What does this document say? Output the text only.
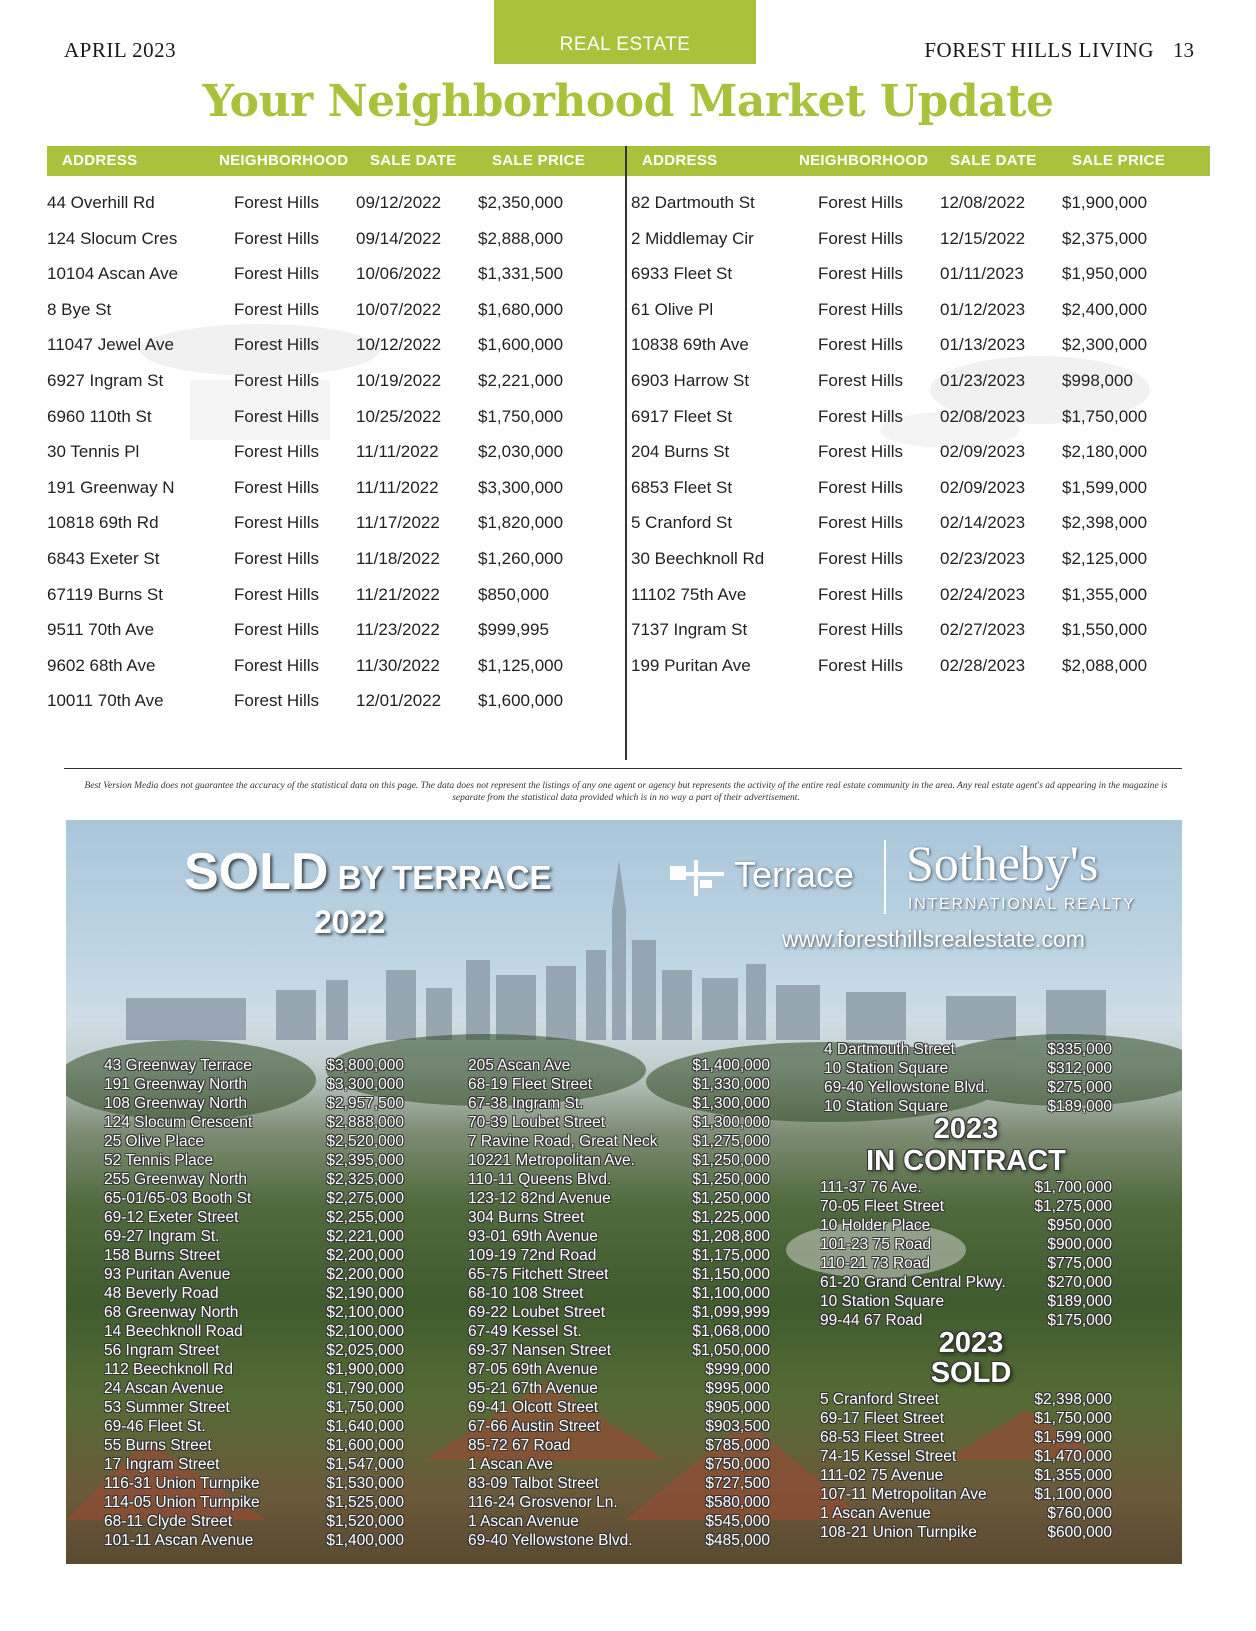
APRIL 2023	REAL ESTATE	FOREST HILLS LIVING 13
Your Neighborhood Market Update
ADDRESS	NEIGHBORHOOD SALE DATE SALE PRICE	ADDRESS	NEIGHBORHOOD SALE DATE SALE PRICE
44 Overhill Rd	Forest Hills 09/12/2022 $2,350,000
124 Slocum Cres	Forest Hills 09/14/2022 $2,888,000
10104 Ascan Ave	Forest Hills 10/06/2022 $1,331,500
8 Bye St	Forest Hills 10/07/2022 $1,680,000
11047 Jewel Ave	Forest Hills 10/12/2022 $1,600,000
6927 Ingram St	Forest Hills 10/19/2022 $2,221,000
6960 110th St	Forest Hills 10/25/2022 $1,750,000
30 Tennis Pl	Forest Hills 11/11/2022 $2,030,000
191 Greenway N	Forest Hills 11/11/2022 $3,300,000
10818 69th Rd	Forest Hills 11/17/2022 $1,820,000
6843 Exeter St	Forest Hills 11/18/2022 $1,260,000
67119 Burns St	Forest Hills 11/21/2022 $850,000
9511 70th Ave	Forest Hills 11/23/2022 $999,995
9602 68th Ave	Forest Hills 11/30/2022 $1,125,000
10011 70th Ave	Forest Hills 12/01/2022 $1,600,000
82 Dartmouth St	Forest Hills 12/08/2022 $1,900,000
2 Middlemay Cir	Forest Hills 12/15/2022 $2,375,000
6933 Fleet St	Forest Hills 01/11/2023 $1,950,000
61 Olive Pl	Forest Hills 01/12/2023 $2,400,000
10838 69th Ave	Forest Hills 01/13/2023 $2,300,000
6903 Harrow St	Forest Hills 01/23/2023 $998,000
6917 Fleet St	Forest Hills 02/08/2023 $1,750,000
204 Burns St	Forest Hills 02/09/2023 $2,180,000
6853 Fleet St	Forest Hills 02/09/2023 $1,599,000
5 Cranford St	Forest Hills 02/14/2023 $2,398,000
30 Beechknoll Rd	Forest Hills 02/23/2023 $2,125,000
11102 75th Ave	Forest Hills 02/24/2023 $1,355,000
7137 Ingram St	Forest Hills 02/27/2023 $1,550,000
199 Puritan Ave	Forest Hills 02/28/2023 $2,088,000
Best Version Media does not guarantee the accuracy of the statistical data on this page. The data does not represent the listings of any one agent or agency but represents the activity of the entire real estate community in the area. Any real estate agent's ad appearing in the magazine is separate from the statistical data provided which is in no way a part of their advertisement.
SOLD BY TERRACE
2022
Terrace Sotheby's
INTERNATIONAL REALTY
www.foresthillsrealestate.com
43 Greenway Terrace	$3,800,000
191 Greenway North	$3,300,000
108 Greenway North	$2,957,500
124 Slocum Crescent	$2,888,000
25 Olive Place	$2,520,000
52 Tennis Place	$2,395,000
255 Greenway North	$2,325,000
65-01/65-03 Booth St	$2,275,000
69-12 Exeter Street	$2,255,000
69-27 Ingram St.	$2,221,000
158 Burns Street	$2,200,000
93 Puritan Avenue	$2,200,000
48 Beverly Road	$2,190,000
68 Greenway North	$2,100,000
14 Beechknoll Road	$2,100,000
56 Ingram Street	$2,025,000
112 Beechknoll Rd	$1,900,000
24 Ascan Avenue	$1,790,000
53 Summer Street	$1,750,000
69-46 Fleet St.	$1,640,000
55 Burns Street	$1,600,000
17 Ingram Street	$1,547,000
116-31 Union Turnpike	$1,530,000
114-05 Union Turnpike	$1,525,000
68-11 Clyde Street	$1,520,000
101-11 Ascan Avenue	$1,400,000
205 Ascan Ave	$1,400,000
68-19 Fleet Street	$1,330,000
67-38 Ingram St.	$1,300,000
70-39 Loubet Street	$1,300,000
7 Ravine Road, Great Neck $1,275,000
10221 Metropolitan Ave.	$1,250,000
110-11 Queens Blvd.	$1,250,000
123-12 82nd Avenue	$1,250,000
304 Burns Street	$1,225,000
93-01 69th Avenue	$1,208,800
109-19 72nd Road	$1,175,000
65-75 Fitchett Street	$1,150,000
68-10 108 Street	$1,100,000
69-22 Loubet Street	$1,099,999
67-49 Kessel St.	$1,068,000
69-37 Nansen Street	$1,050,000
87-05 69th Avenue	$999,000
95-21 67th Avenue	$995,000
69-41 Olcott Street	$905,000
67-66 Austin Street	$903,500
85-72 67 Road	$785,000
1 Ascan Ave	$750,000
83-09 Talbot Street	$727,500
116-24 Grosvenor Ln.	$580,000
1 Ascan Avenue	$545,000
69-40 Yellowstone Blvd.	$485,000
4 Dartmouth Street	$335,000
10 Station Square	$312,000
69-40 Yellowstone Blvd.	$275,000
10 Station Square	$189,000
2023
IN CONTRACT
111-37 76 Ave.	$1,700,000
70-05 Fleet Street	$1,275,000
10 Holder Place	$950,000
101-23 75 Road	$900,000
110-21 73 Road	$775,000
61-20 Grand Central Pkwy.	$270,000
10 Station Square	$189,000
99-44 67 Road	$175,000
2023
SOLD
5 Cranford Street	$2,398,000
69-17 Fleet Street	$1,750,000
68-53 Fleet Street	$1,599,000
74-15 Kessel Street	$1,470,000
111-02 75 Avenue	$1,355,000
107-11 Metropolitan Ave	$1,100,000
1 Ascan Avenue	$760,000
108-21 Union Turnpike	$600,000
